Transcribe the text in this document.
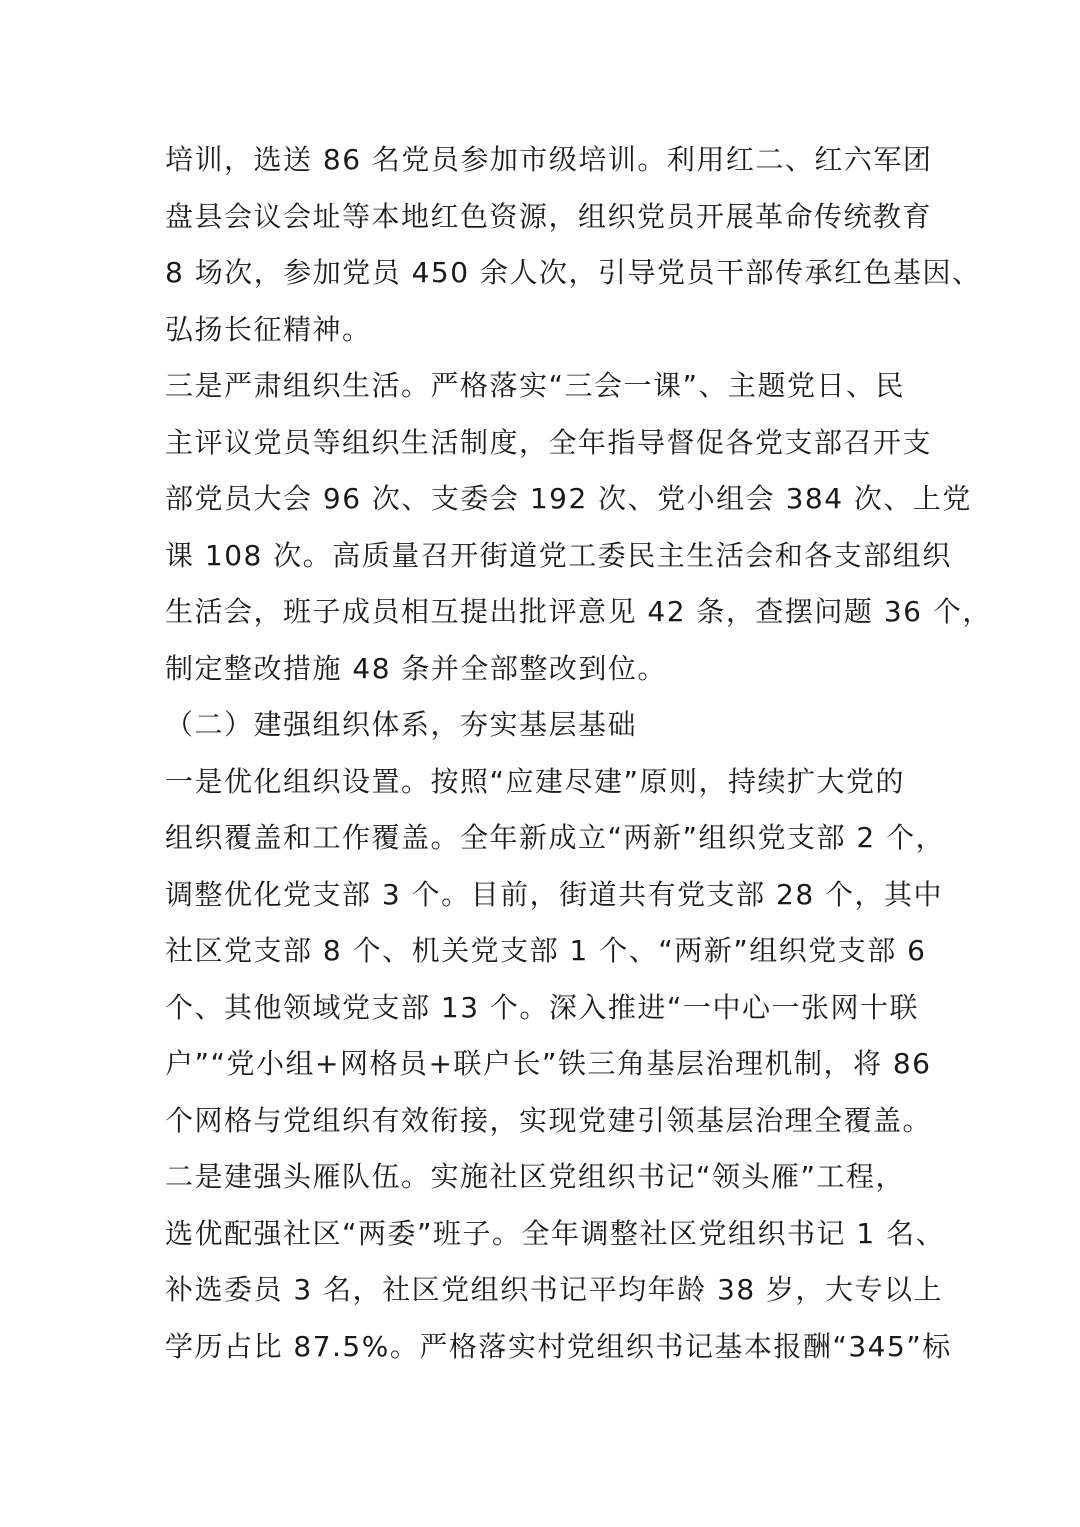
培训，选送 86 名党员参加市级培训。利用红二、红六军团
盘县会议会址等本地红色资源，组织党员开展革命传统教育
8 场次，参加党员 450 余人次，引导党员干部传承红色基因、
弘扬长征精神。
三是严肃组织生活。严格落实“三会一课”、主题党日、民
主评议党员等组织生活制度，全年指导督促各党支部召开支
部党员大会 96 次、支委会 192 次、党小组会 384 次、上党
课 108 次。高质量召开街道党工委民主生活会和各支部组织
生活会，班子成员相互提出批评意见 42 条，查摆问题 36 个，
制定整改措施 48 条并全部整改到位。
（二）建强组织体系，夯实基层基础
一是优化组织设置。按照“应建尽建”原则，持续扩大党的
组织覆盖和工作覆盖。全年新成立“两新”组织党支部 2 个，
调整优化党支部 3 个。目前，街道共有党支部 28 个，其中
社区党支部 8 个、机关党支部 1 个、“两新”组织党支部 6
个、其他领域党支部 13 个。深入推进“一中心一张网十联
户”“党小组+网格员+联户长”铁三角基层治理机制，将 86
个网格与党组织有效衔接，实现党建引领基层治理全覆盖。
二是建强头雁队伍。实施社区党组织书记“领头雁”工程，
选优配强社区“两委”班子。全年调整社区党组织书记 1 名、
补选委员 3 名，社区党组织书记平均年龄 38 岁，大专以上
学历占比 87.5%。严格落实村党组织书记基本报酬“345”标
